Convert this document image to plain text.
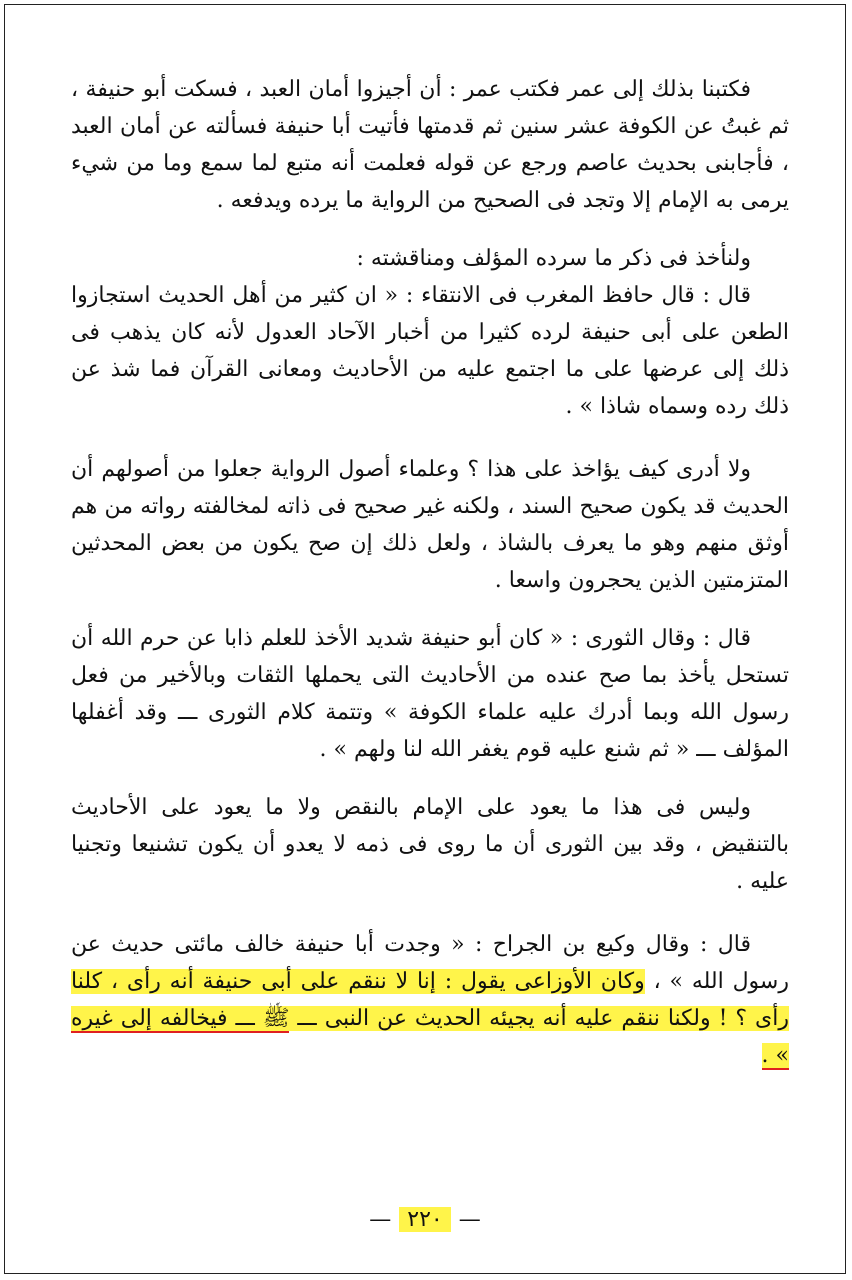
فكتبنا بذلك إلى عمر فكتب عمر : أن أجيزوا أمان العبد ، فسكت أبو حنيفة ، ثم غبتُ عن الكوفة عشر سنين ثم قدمتها فأتيت أبا حنيفة فسألته عن أمان العبد ، فأجابنى بحديث عاصم ورجع عن قوله فعلمت أنه متبع لما سمع وما من شيء يرمى به الإمام إلا وتجد فى الصحيح من الرواية ما يرده ويدفعه .

ولنأخذ فى ذكر ما سرده المؤلف ومناقشته :

قال : قال حافظ المغرب فى الانتقاء : « ان كثير من أهل الحديث استجازوا الطعن على أبى حنيفة لرده كثيرا من أخبار الآحاد العدول لأنه كان يذهب فى ذلك إلى عرضها على ما اجتمع عليه من الأحاديث ومعانى القرآن فما شذ عن ذلك رده وسماه شاذا » .

ولا أدرى كيف يؤاخذ على هذا ؟ وعلماء أصول الرواية جعلوا من أصولهم أن الحديث قد يكون صحيح السند ، ولكنه غير صحيح فى ذاته لمخالفته رواته من هم أوثق منهم وهو ما يعرف بالشاذ ، ولعل ذلك إن صح يكون من بعض المحدثين المتزمتين الذين يحجرون واسعا .

قال : وقال الثورى : « كان أبو حنيفة شديد الأخذ للعلم ذابا عن حرم الله أن تستحل يأخذ بما صح عنده من الأحاديث التى يحملها الثقات وبالأخير من فعل رسول الله وبما أدرك عليه علماء الكوفة » وتتمة كلام الثورى ـــ وقد أغفلها المؤلف ـــ « ثم شنع عليه قوم يغفر الله لنا ولهم » .

وليس فى هذا ما يعود على الإمام بالنقص ولا ما يعود على الأحاديث بالتنقيض ، وقد بين الثورى أن ما روى فى ذمه لا يعدو أن يكون تشنيعا وتجنيا عليه .

قال : وقال وكيع بن الجراح : « وجدت أبا حنيفة خالف مائتى حديث عن رسول الله » ، وكان الأوزاعى يقول : إنا لا ننقم على أبى حنيفة أنه رأى ، كلنا رأى ؟ ! ولكنا ننقم عليه أنه يجيئه الحديث عن النبى ـــ ﷺ ـــ فيخالفه إلى غيره » .

—٢٢٠—
